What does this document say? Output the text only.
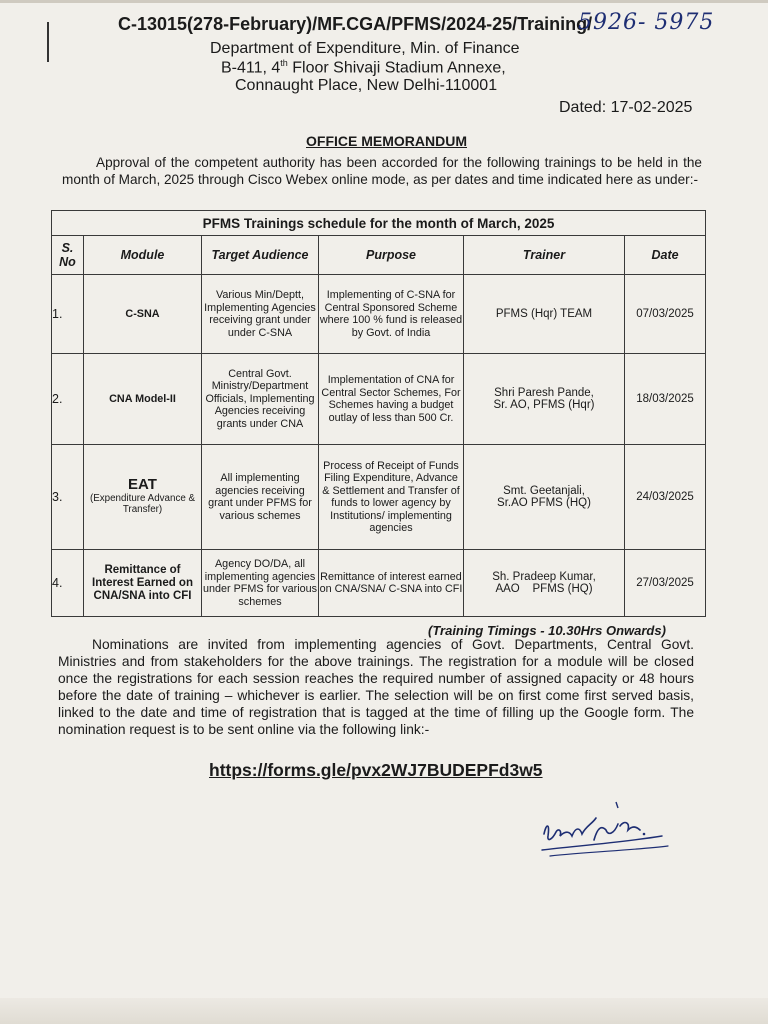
C-13015(278-February)/MF.CGA/PFMS/2024-25/Training/
5926- 5975
Department of Expenditure, Min. of Finance
B-411, 4th Floor Shivaji Stadium Annexe,
Connaught Place, New Delhi-110001
Dated: 17-02-2025
OFFICE MEMORANDUM
Approval of the competent authority has been accorded for the following trainings to be held in the month of March, 2025 through Cisco Webex online mode, as per dates and time indicated here as under:-
PFMS Trainings schedule for the month of March, 2025					
S.
No	Module	Target Audience	Purpose	Trainer	Date
1.	C-SNA	Various Min/Deptt, Implementing Agencies receiving grant under under C-SNA	Implementing of C-SNA for Central Sponsored Scheme where 100 % fund is released by Govt. of India	PFMS (Hqr) TEAM	07/03/2025
2.	CNA Model-II	Central Govt. Ministry/Department Officials, Implementing Agencies receiving grants under CNA	Implementation of CNA for Central Sector Schemes, For Schemes having a budget outlay of less than 500 Cr.	Shri Paresh Pande,
Sr. AO, PFMS (Hqr)	18/03/2025
3.	EAT
(Expenditure Advance & Transfer)	All implementing agencies receiving grant under PFMS for various schemes	Process of Receipt of Funds Filing Expenditure, Advance & Settlement and Transfer of funds to lower agency by Institutions/ implementing agencies	Smt. Geetanjali,
Sr.AO PFMS (HQ)	24/03/2025
4.	Remittance of Interest Earned on CNA/SNA into CFI	Agency DO/DA, all implementing agencies under PFMS for various schemes	Remittance of interest earned on CNA/SNA/ C-SNA into CFI	Sh. Pradeep Kumar,
AAO    PFMS (HQ)	27/03/2025
(Training Timings - 10.30Hrs Onwards)
Nominations are invited from implementing agencies of Govt. Departments, Central Govt. Ministries and from stakeholders for the above trainings. The registration for a module will be closed once the registrations for each session reaches the required number of assigned capacity or 48 hours before the date of training – whichever is earlier. The selection will be on first come first served basis, linked to the date and time of registration that is tagged at the time of filling up the Google form. The nomination request is to be sent online via the following link:-
https://forms.gle/pvx2WJ7BUDEPFd3w5
